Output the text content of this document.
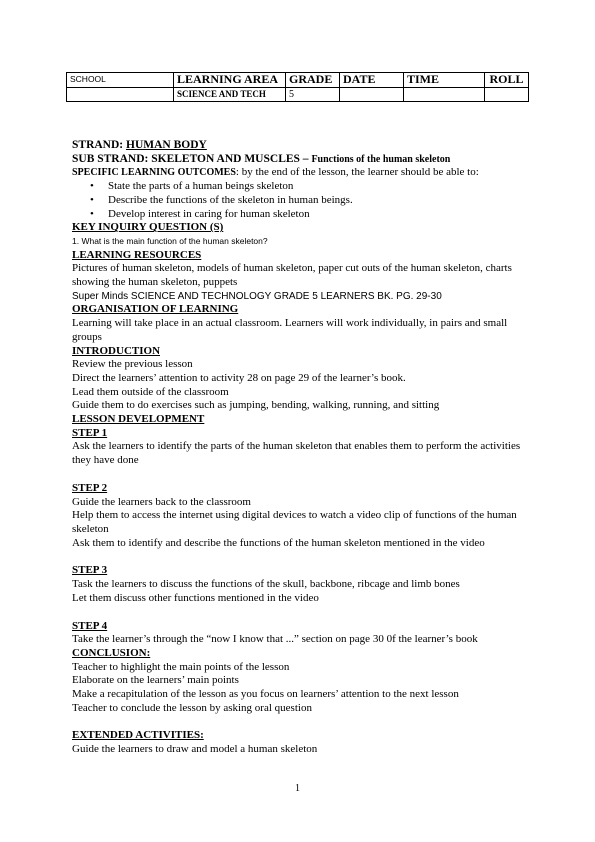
SCHOOL	LEARNING AREA	GRADE	DATE	TIME	ROLL
	SCIENCE AND TECH	5			

STRAND: HUMAN BODY

SUB STRAND: SKELETON AND MUSCLES – Functions of the human skeleton

SPECIFIC LEARNING OUTCOMES: by the end of the lesson, the learner should be able to:

• State the parts of a human beings skeleton
• Describe the functions of the skeleton in human beings.
• Develop interest in caring for human skeleton

KEY INQUIRY QUESTION (S)

1. What is the main function of the human skeleton?

LEARNING RESOURCES

Pictures of human skeleton, models of human skeleton, paper cut outs of the human skeleton, charts showing the human skeleton, puppets

Super Minds SCIENCE AND TECHNOLOGY GRADE 5 LEARNERS BK. PG. 29-30

ORGANISATION OF LEARNING

Learning will take place in an actual classroom. Learners will work individually, in pairs and small groups

INTRODUCTION

Review the previous lesson

Direct the learners’ attention to activity 28 on page 29 of the learner’s book.

Lead them outside of the classroom

Guide them to do exercises such as jumping, bending, walking, running, and sitting

LESSON DEVELOPMENT

STEP 1

Ask the learners to identify the parts of the human skeleton that enables them to perform the activities they have done

STEP 2

Guide the learners back to the classroom

Help them to access the internet using digital devices to watch a video clip of functions of the human skeleton

Ask them to identify and describe the functions of the human skeleton mentioned in the video

STEP 3

Task the learners to discuss the functions of the skull, backbone, ribcage and limb bones

Let them discuss other functions mentioned in the video

STEP 4

Take the learner’s through the “now I know that ...” section on page 30 0f the learner’s book

CONCLUSION:

Teacher to highlight the main points of the lesson

Elaborate on the learners’ main points

Make a recapitulation of the lesson as you focus on learners’ attention to the next lesson

Teacher to conclude the lesson by asking oral question

EXTENDED ACTIVITIES:

Guide the learners to draw and model a human skeleton

1
